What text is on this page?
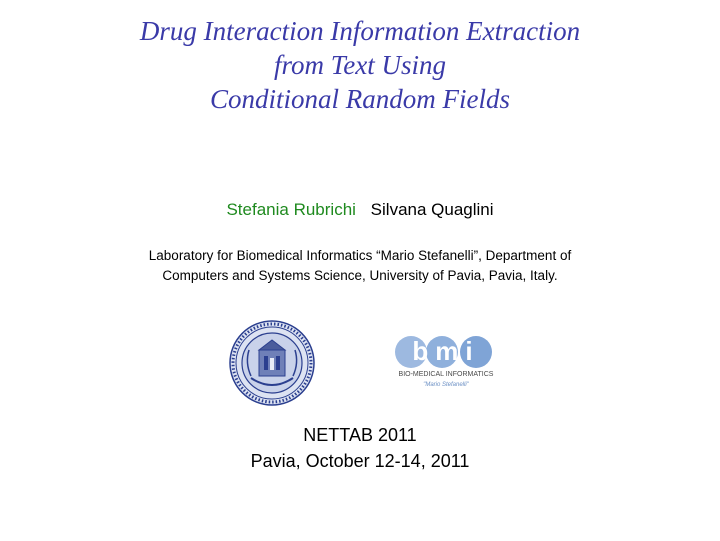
Drug Interaction Information Extraction
from Text Using
Conditional Random Fields
Stefania Rubrichi Silvana Quaglini
Laboratory for Biomedical Informatics “Mario Stefanelli”, Department of
Computers and Systems Science, University of Pavia, Pavia, Italy.
bmi
BIO-MEDICAL INFORMATICS
"Mario Stefanelli"
NETTAB 2011
Pavia, October 12-14, 2011
